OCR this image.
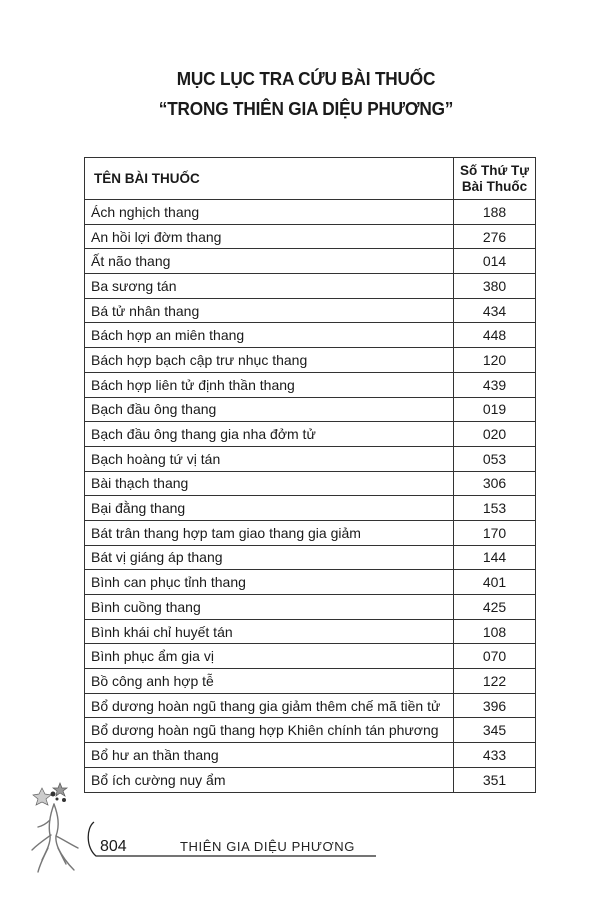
MỤC LỤC TRA CỨU BÀI THUỐC
“TRONG THIÊN GIA DIỆU PHƯƠNG”
TÊN BÀI THUỐC	Số Thứ Tự
Bài Thuốc

Ách nghịch thang	188
An hồi lợi đờm thang	276
Ất não thang	014
Ba sương tán	380
Bá tử nhân thang	434
Bách hợp an miên thang	448
Bách hợp bạch cập trư nhục thang	120
Bách hợp liên tử định thần thang	439
Bạch đầu ông thang	019
Bạch đầu ông thang gia nha đởm tử	020
Bạch hoàng tứ vị tán	053
Bài thạch thang	306
Bại đằng thang	153
Bát trân thang hợp tam giao thang gia giảm	170
Bát vị giáng áp thang	144
Bình can phục tỉnh thang	401
Bình cuồng thang	425
Bình khái chỉ huyết tán	108
Bình phục ẩm gia vị	070
Bồ công anh hợp tễ	122
Bổ dương hoàn ngũ thang gia giảm thêm chế mã tiền tử	396
Bổ dương hoàn ngũ thang hợp Khiên chính tán phương	345
Bổ hư an thần thang	433
Bổ ích cường nuy ẩm	351
804	THIÊN GIA DIỆU PHƯƠNG
